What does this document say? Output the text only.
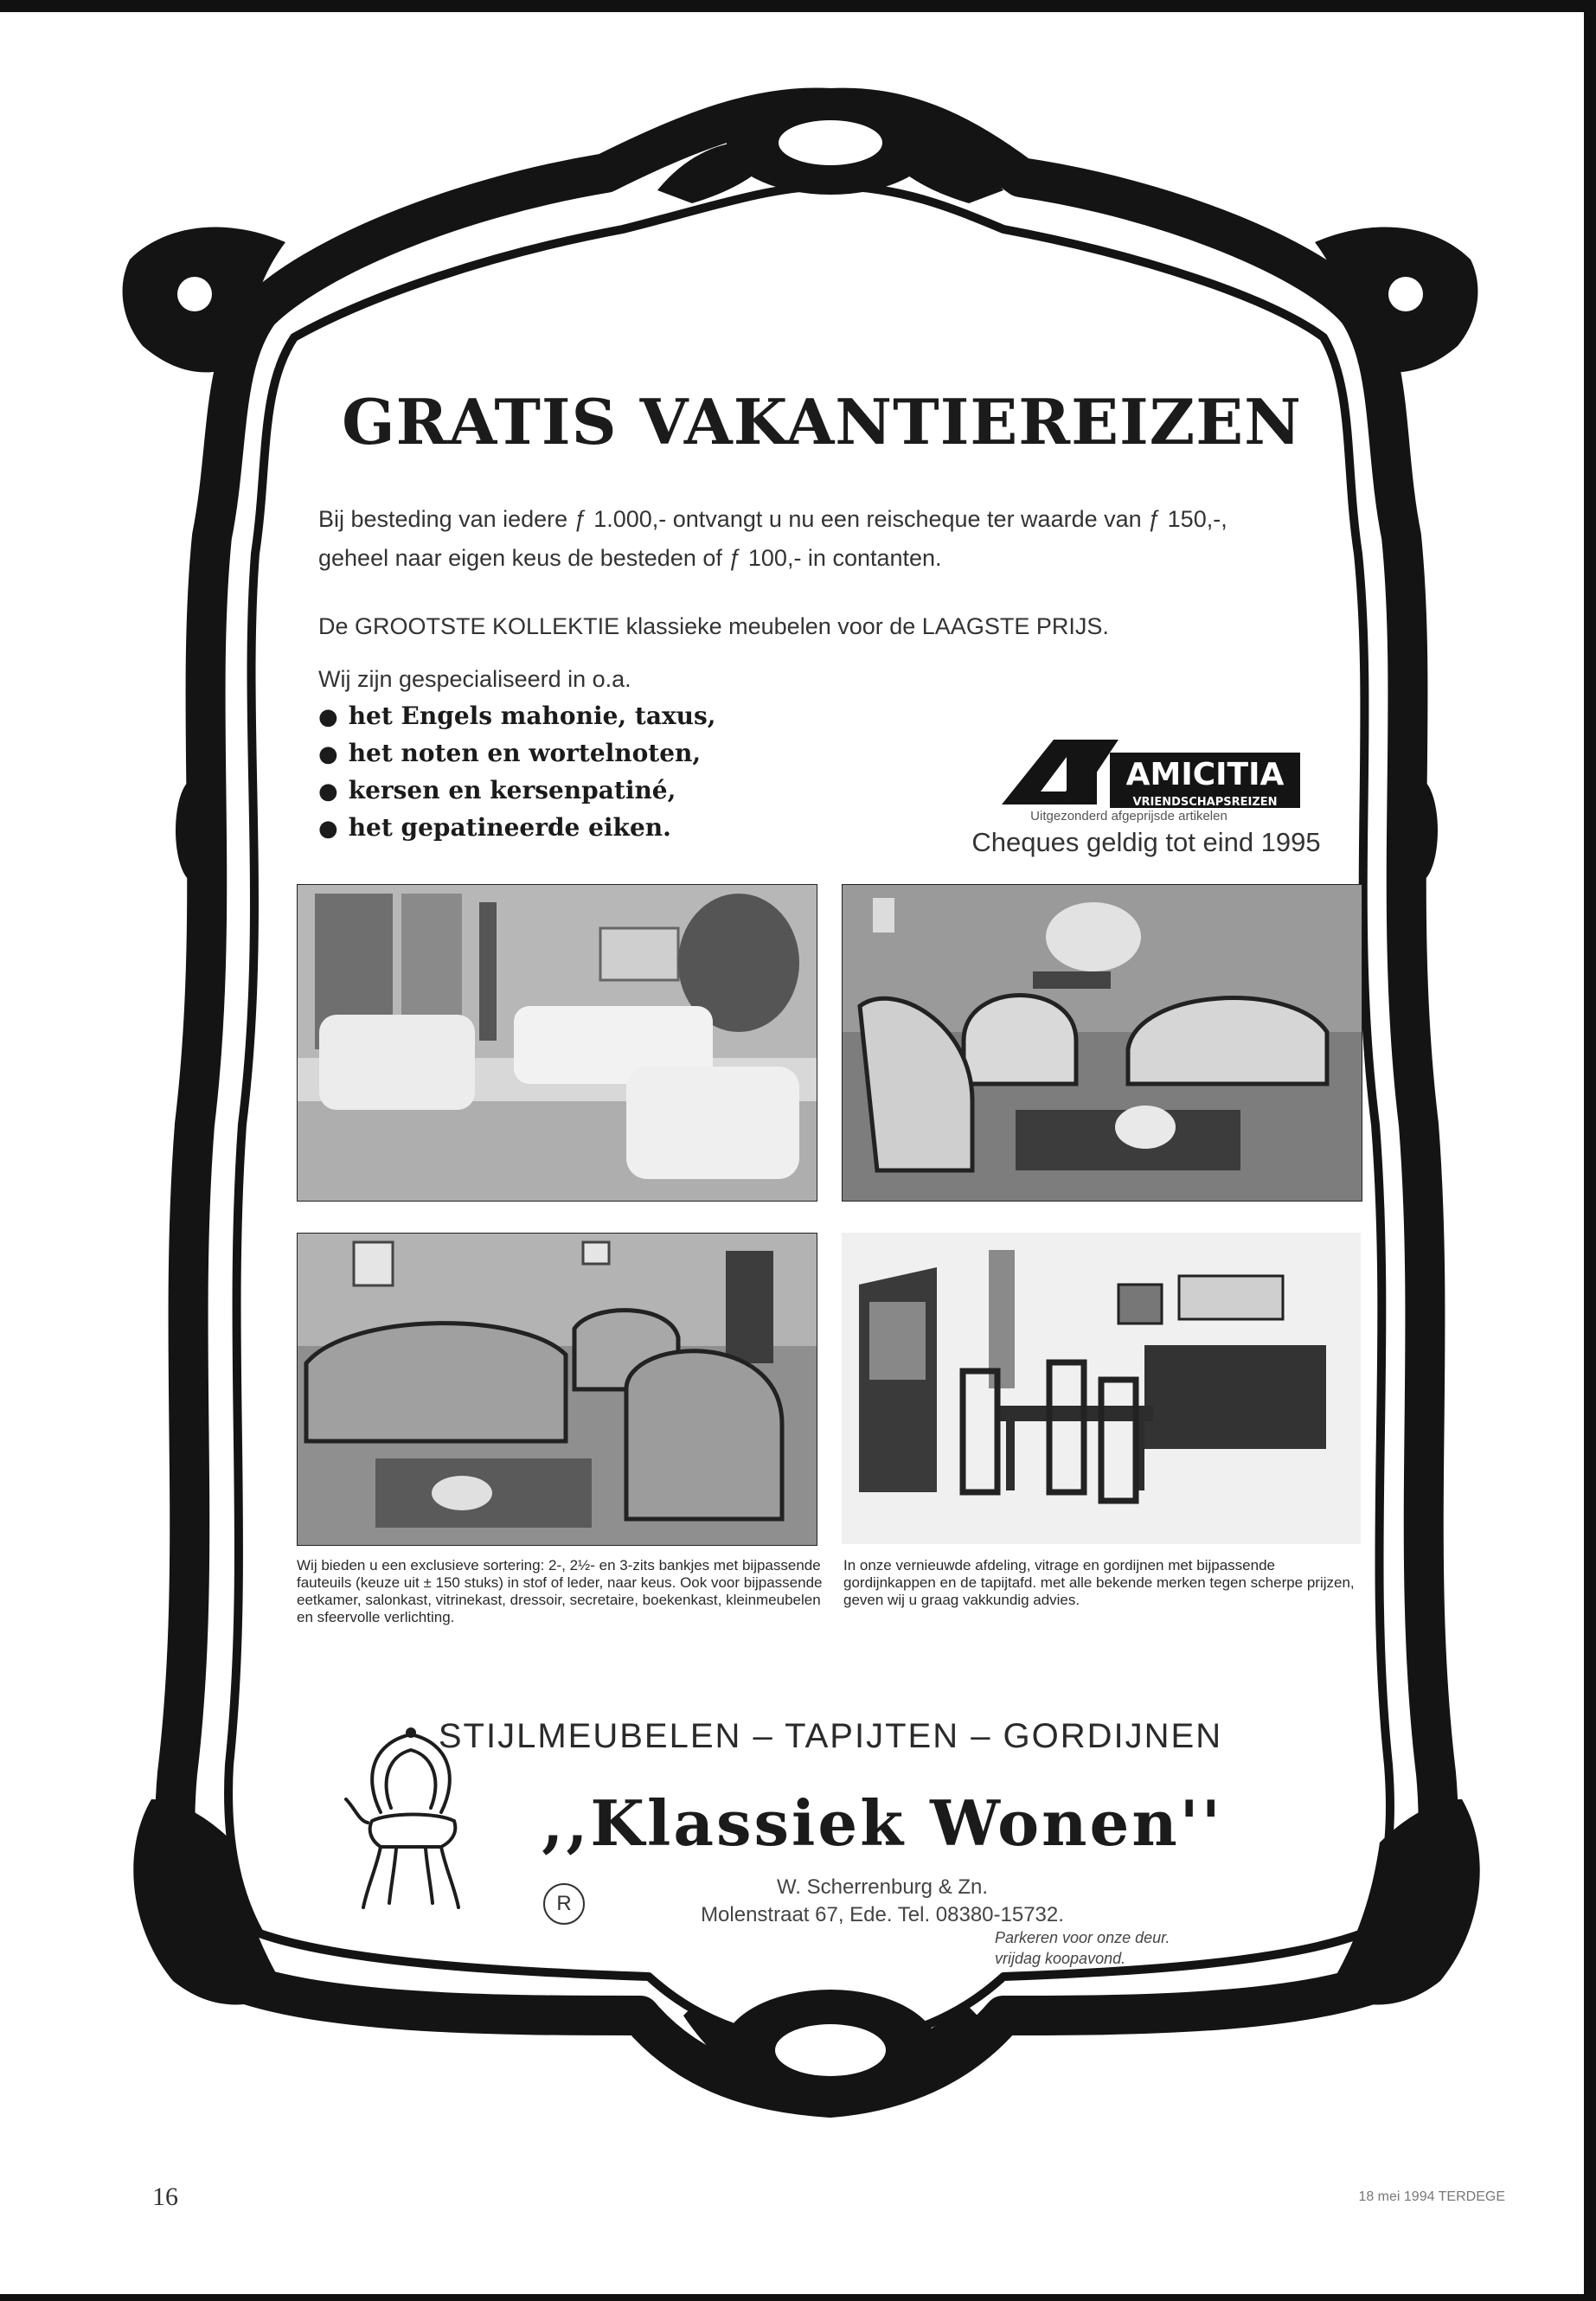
GRATIS VAKANTIEREIZEN

Bij besteding van iedere ƒ 1.000,- ontvangt u nu een reischeque ter waarde van ƒ 150,-, geheel naar eigen keus de besteden of ƒ 100,- in contanten.

De GROOTSTE KOLLEKTIE klassieke meubelen voor de LAAGSTE PRIJS.

Wij zijn gespecialiseerd in o.a.
● het Engels mahonie, taxus,
● het noten en wortelnoten,
● kersen en kersenpatiné,
● het gepatineerde eiken.
AMICITIA
VRIENDSCHAPSREIZEN
Uitgezonderd afgeprijsde artikelen
Cheques geldig tot eind 1995
Wij bieden u een exclusieve sortering: 2-, 2½- en 3-zits bankjes met bijpassende fauteuils (keuze uit ± 150 stuks) in stof of leder, naar keus. Ook voor bijpassende eetkamer, salonkast, vitrinekast, dressoir, secretaire, boekenkast, kleinmeubelen en sfeervolle verlichting.
In onze vernieuwde afdeling, vitrage en gordijnen met bijpassende gordijnkappen en de tapijtafd. met alle bekende merken tegen scherpe prijzen, geven wij u graag vakkundig advies.
STIJLMEUBELEN – TAPIJTEN – GORDIJNEN
,,Klassiek Wonen''
R
W. Scherrenburg & Zn.
Molenstraat 67, Ede. Tel. 08380-15732.
Parkeren voor onze deur.
vrijdag koopavond.
16	18 mei 1994 TERDEGE
